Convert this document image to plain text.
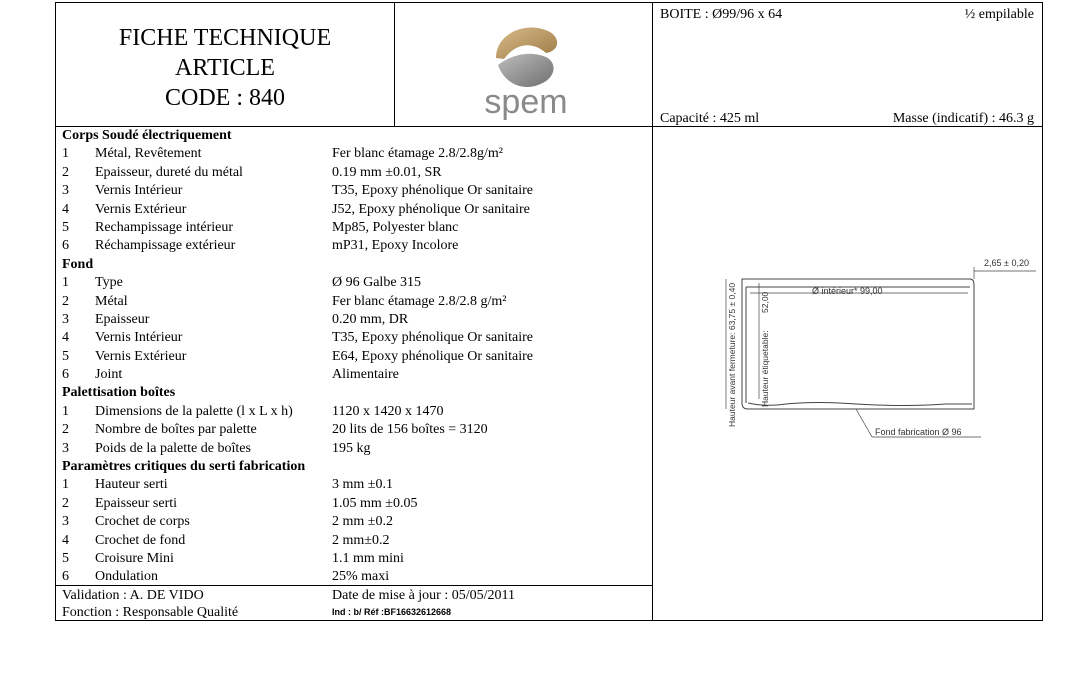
FICHE TECHNIQUE
ARTICLE
CODE : 840	spem
BOITE : Ø99/96 x 64	½ empilable
Capacité : 425 ml	Masse (indicatif) : 46.3 g
Corps Soudé électriquement
1 Métal, Revêtement	Fer blanc étamage 2.8/2.8g/m²
2 Epaisseur, dureté du métal	0.19 mm ±0.01, SR
3 Vernis Intérieur	T35, Epoxy phénolique Or sanitaire
4 Vernis Extérieur	J52, Epoxy phénolique Or sanitaire
5 Rechampissage intérieur	Mp85, Polyester blanc
6 Réchampissage extérieur	mP31, Epoxy Incolore
Fond
1 Type	Ø 96 Galbe 315
2 Métal	Fer blanc étamage 2.8/2.8 g/m²
3 Epaisseur	0.20 mm, DR
4 Vernis Intérieur	T35, Epoxy phénolique Or sanitaire
5 Vernis Extérieur	E64, Epoxy phénolique Or sanitaire
6 Joint	Alimentaire
Palettisation boîtes
1 Dimensions de la palette (l x L x h)	1120 x 1420 x 1470
2 Nombre de boîtes par palette	20 lits de 156 boîtes = 3120
3 Poids de la palette de boîtes	195 kg
Paramètres critiques du serti fabrication
1 Hauteur serti	3 mm ±0.1
2 Epaisseur serti	1.05 mm ±0.05
3 Crochet de corps	2 mm ±0.2
4 Crochet de fond	2 mm±0.2
5 Croisure Mini	1.1 mm mini
6 Ondulation	25% maxi
Validation : A. DE VIDO	Date de mise à jour : 05/05/2011
Fonction : Responsable Qualité	Ind : b/ Réf :BF16632612668
Ø intérieur* 99,00
Hauteur avant fermeture: 63,75 ± 0,40	Hauteur étiquetable:
52,00
2,65 ± 0,20
Fond fabrication Ø 96
